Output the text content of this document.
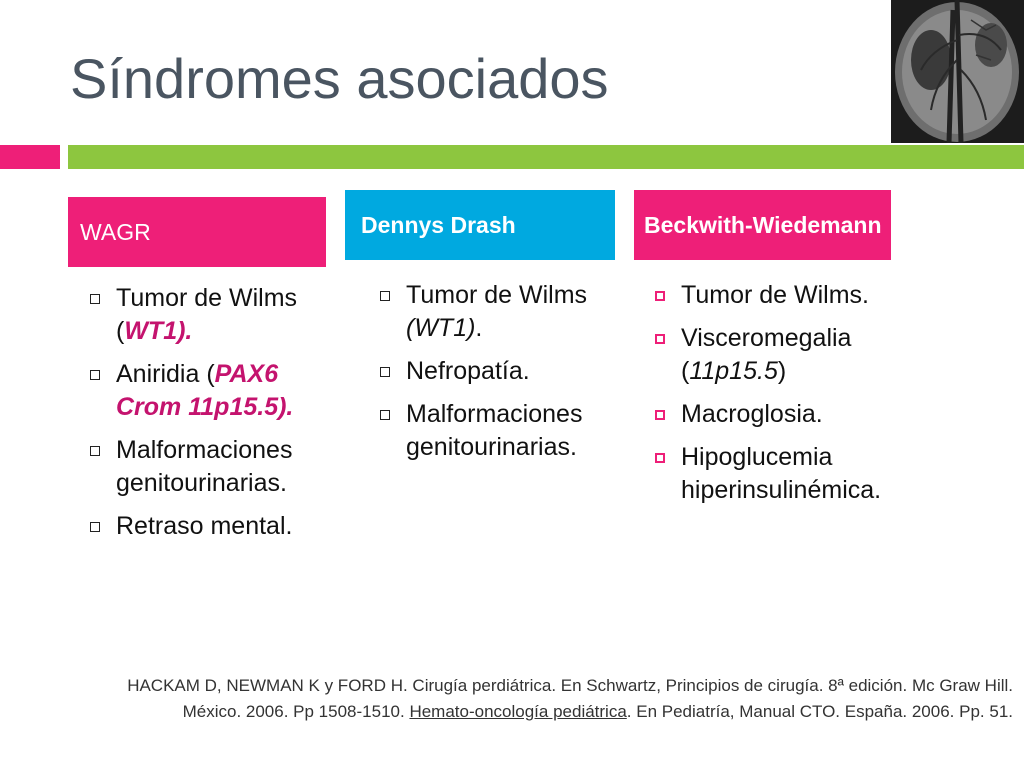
Síndromes asociados
WAGR	Dennys Drash	Beckwith-Wiedemann
Tumor de Wilms (WT1).
Aniridia (PAX6 Crom 11p15.5).
Malformaciones genitourinarias.
Retraso mental.
Tumor de Wilms (WT1).
Nefropatía.
Malformaciones genitourinarias.
Tumor de Wilms.
Visceromegalia (11p15.5)
Macroglosia.
Hipoglucemia hiperinsulinémica.
HACKAM D, NEWMAN K y FORD H. Cirugía perdiátrica. En Schwartz, Principios de cirugía. 8ª edición. Mc Graw Hill. México. 2006. Pp 1508-1510. Hemato-oncología pediátrica. En Pediatría, Manual CTO. España. 2006. Pp. 51.
